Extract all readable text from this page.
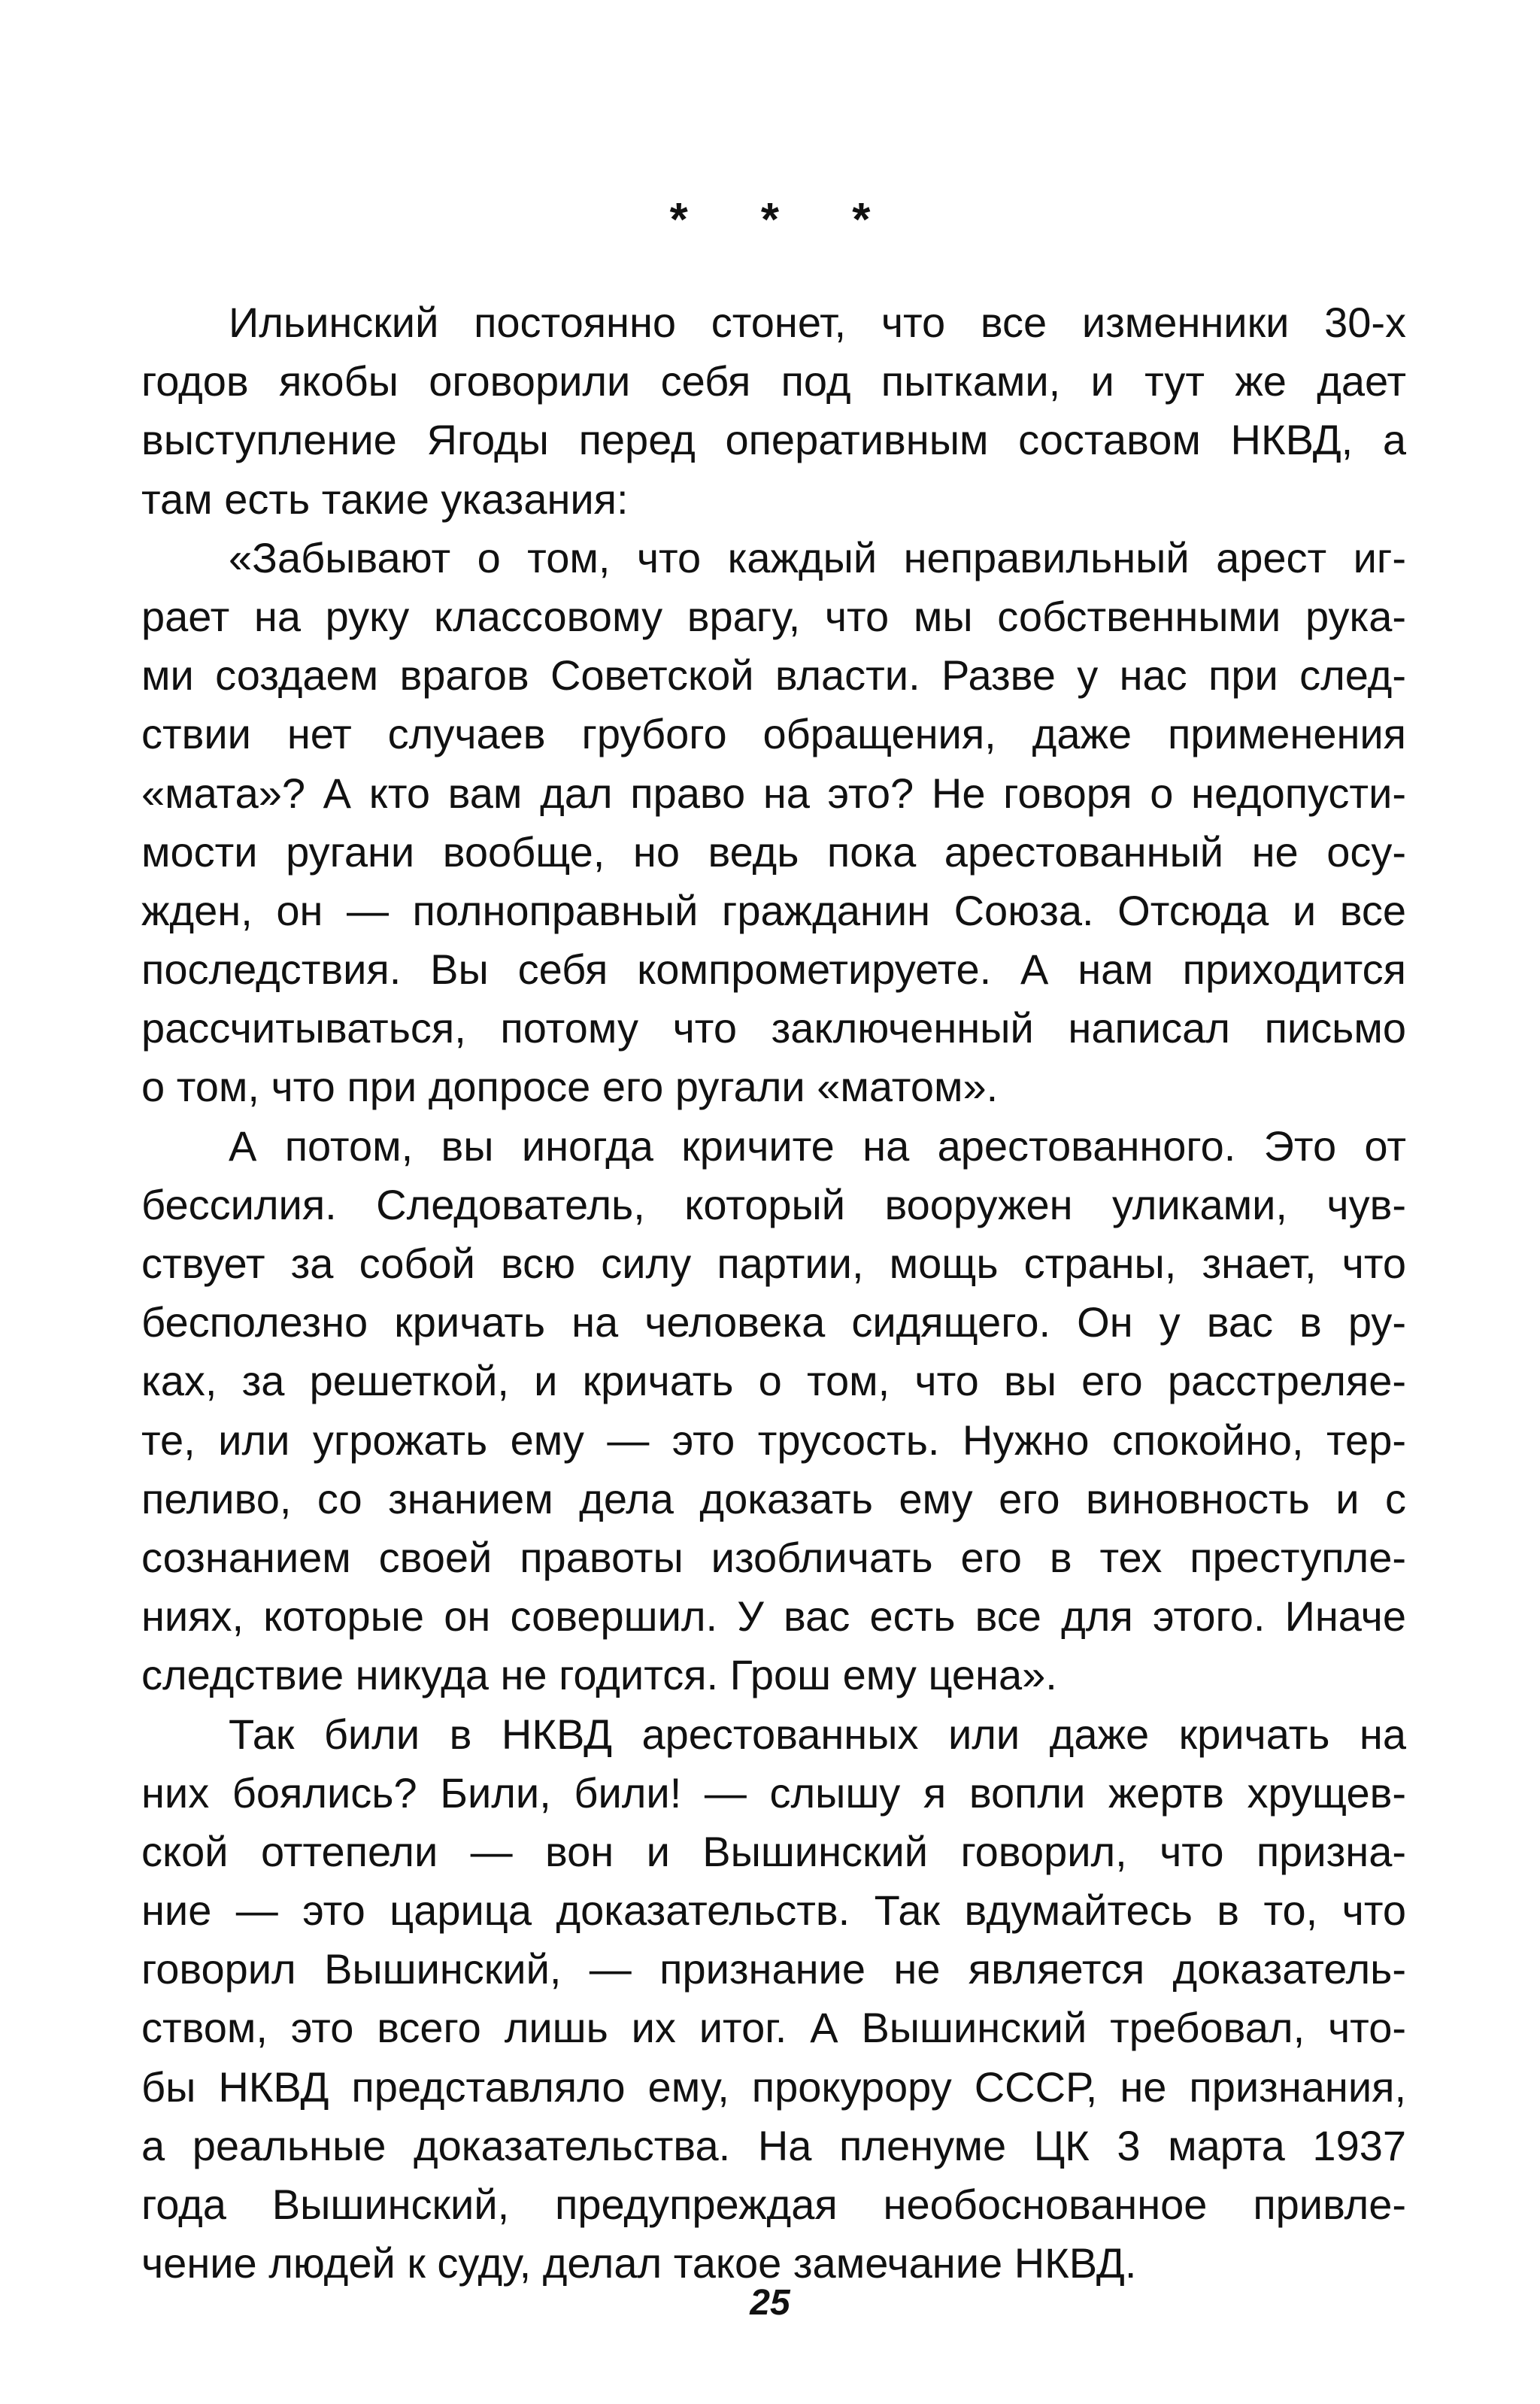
* * *
Ильинский постоянно стонет, что все изменники 30-х
годов якобы оговорили себя под пытками, и тут же дает
выступление Ягоды перед оперативным составом НКВД, а
там есть такие указания:
«Забывают о том, что каждый неправильный арест иг-
рает на руку классовому врагу, что мы собственными рука-
ми создаем врагов Советской власти. Разве у нас при след-
ствии нет случаев грубого обращения, даже применения
«мата»? А кто вам дал право на это? Не говоря о недопусти-
мости ругани вообще, но ведь пока арестованный не осу-
жден, он — полноправный гражданин Союза. Отсюда и все
последствия. Вы себя компрометируете. А нам приходится
рассчитываться, потому что заключенный написал письмо
о том, что при допросе его ругали «матом».
А потом, вы иногда кричите на арестованного. Это от
бессилия. Следователь, который вооружен уликами, чув-
ствует за собой всю силу партии, мощь страны, знает, что
бесполезно кричать на человека сидящего. Он у вас в ру-
ках, за решеткой, и кричать о том, что вы его расстреляе-
те, или угрожать ему — это трусость. Нужно спокойно, тер-
пеливо, со знанием дела доказать ему его виновность и с
сознанием своей правоты изобличать его в тех преступле-
ниях, которые он совершил. У вас есть все для этого. Иначе
следствие никуда не годится. Грош ему цена».
Так били в НКВД арестованных или даже кричать на
них боялись? Били, били! — слышу я вопли жертв хрущев-
ской оттепели — вон и Вышинский говорил, что призна-
ние — это царица доказательств. Так вдумайтесь в то, что
говорил Вышинский, — признание не является доказатель-
ством, это всего лишь их итог. А Вышинский требовал, что-
бы НКВД представляло ему, прокурору СССР, не признания,
а реальные доказательства. На пленуме ЦК 3 марта 1937
года Вышинский, предупреждая необоснованное привле-
чение людей к суду, делал такое замечание НКВД.
25
